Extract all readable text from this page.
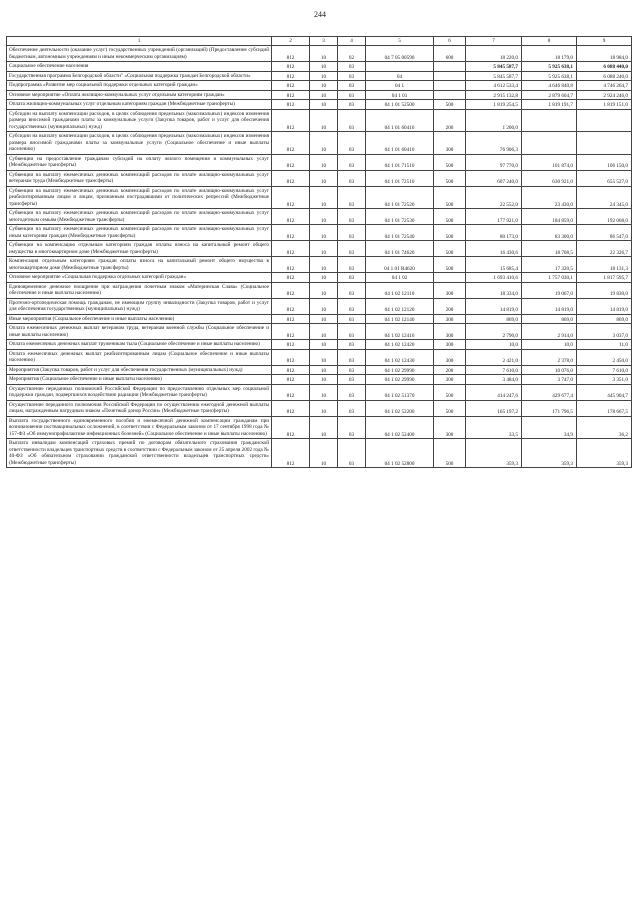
244
1	2	3	4	5	6	7	8	9
Обеспечение деятельности (оказание услуг) государственных учреждений (организаций) (Предоставление субсидий бюджетным, автономным учреждениям и иным некоммерческим организациям)	812	10	02	04 7 05 00590	600	18 220,0	18 179,0	18 984,0
Социальное обеспечение населения	812	10	03			5 845 587,7	5 925 638,1	6 088 440,0
Государственная программа Белгородской области" «Социальная поддержка граждан Белгородской области»	812	10	03	04		5 845 587,7	5 925 638,1	6 088 240,0
Подпрограмма «Развитие мер социальной поддержки отдельных категорий граждан»	812	10	03	04 1		4 612 533,4	4 646 840,8	4 746 264,7
Основное мероприятие «Оплата жилищно-коммунальных услуг отдельным категориям граждан»	812	10	03	04 1 01		2 915 132,8	2 879 604,7	2 924 246,0
Оплата жилищно-коммунальных услуг отдельным категориям граждан (Межбюджетные трансферты)	812	10	03	04 1 01 52500	500	1 819 254,5	1 819 191,7	1 819 151,0
Субсидии на выплату компенсации расходов, в целях соблюдения предельных (максимальных) индексов изменения размера вносимой гражданами платы за коммунальные услуги (Закупка товаров, работ и услуг для обеспечения государственных (муниципальных) нужд)	812	10	03	04 1 01 60410	200	1 200,0		
Субсидии на выплату компенсации расходов, в целях соблюдения предельных (максимальных) индексов изменения размера вносимой гражданами платы за коммунальные услуги (Социальное обеспечение и иные выплаты населению)	812	10	03	04 1 01 60410	300	76 906,3		
Субвенции на предоставление гражданам субсидий на оплату жилого помещения и коммунальных услуг (Межбюджетные трансферты)	812	10	03	04 1 01 71510	500	97 770,0	101 874,0	106 150,0
Субвенции на выплату ежемесячных денежных компенсаций расходов по оплате жилищно-коммунальных услуг ветеранам труда (Межбюджетные трансферты)	812	10	03	04 1 01 72510	500	607 240,0	630 921,0	655 527,0
Субвенции на выплату ежемесячных денежных компенсаций расходов по оплате жилищно-коммунальных услуг реабилитированным лицам и лицам, признанным пострадавшими от политических репрессий (Межбюджетные трансферты)	812	10	03	04 1 01 72520	500	22 552,0	23 430,0	24 345,0
Субвенции на выплату ежемесячных денежных компенсаций расходов по оплате жилищно-коммунальных услуг многодетным семьям (Межбюджетные трансферты)	812	10	03	04 1 01 72530	500	177 921,0	184 859,0	192 068,0
Субвенции на выплату ежемесячных денежных компенсаций расходов по оплате жилищно-коммунальных услуг иным категориям граждан (Межбюджетные трансферты)	812	10	03	04 1 01 72540	500	80 173,0	83 300,0	86 547,0
Субвенции на компенсацию отдельным категориям граждан оплаты взноса на капитальный ремонт общего имущества в многоквартирном доме (Межбюджетные трансферты)	812	10	03	04 1 01 74620	500	16 430,6	18 708,5	22 326,7
Компенсация отдельным категориям граждан оплаты взноса на капитальный ремонт общего имущества в многоквартирном доме (Межбюджетные трансферты)	812	10	03	04 1 01 R4620	500	15 685,4	17 320,5	18 131,3
Основное мероприятие «Социальная поддержка отдельных категорий граждан»	812	10	03	04 1 02		1 693 410,6	1 757 030,1	1 817 595,7
Единовременное денежное поощрение при награждении почетным знаком «Материнская Слава» (Социальное обеспечение и иные выплаты населению)	812	10	03	04 1 02 12110	300	18 334,0	19 067,0	19 830,0
Протезно-ортопедическая помощь гражданам, не имеющим группу инвалидности (Закупка товаров, работ и услуг для обеспечения государственных (муниципальных) нужд)	812	10	03	04 1 02 12120	200	14 819,0	14 819,0	14 819,0
Иные мероприятия (Социальное обеспечение и иные выплаты населению)	812	10	03	04 1 02 12140	300	869,0	869,0	869,0
Оплата ежемесячных денежных выплат ветеранам труда, ветеранам военной службы (Социальное обеспечение и иные выплаты населению)	812	10	03	04 1 02 12410	300	2 790,0	2 914,0	3 037,0
Оплата ежемесячных денежных выплат труженикам тыла (Социальное обеспечение и иные выплаты населению)	812	10	03	04 1 02 12420	300	10,0	10,0	11,0
Оплата ежемесячных денежных выплат реабилитированным лицам (Социальное обеспечение и иные выплаты населению)	812	10	03	04 1 02 12430	300	2 421,0	2 378,0	2 450,0
Мероприятия (Закупка товаров, работ и услуг для обеспечения государственных (муниципальных) нужд)	812	10	03	04 1 02 29990	200	7 610,0	10 076,0	7 610,0
Мероприятия (Социальное обеспечение и иные выплаты населению)	812	10	03	04 1 02 29990	300	3 484,0	3 747,0	3 351,0
Осуществление переданных полномочий Российской Федерации по предоставлению отдельных мер социальной поддержки граждан, подвергшихся воздействию радиации (Межбюджетные трансферты)	812	10	03	04 1 02 51370	500	414 247,6	429 677,4	445 904,7
Осуществление переданного полномочия Российской Федерации по осуществлению ежегодной денежной выплаты лицам, награжденным нагрудным знаком «Почетный донор России» (Межбюджетные трансферты)	812	10	03	04 1 02 52200	500	165 197,2	171 796,5	178 667,5
Выплата государственного единовременного пособия и ежемесячной денежной компенсации гражданам при возникновении поствакцинальных осложнений, в соответствии с Федеральным законом от 17 сентября 1998 года № 157-ФЗ «Об иммунопрофилактике инфекционных болезней» (Социальное обеспечение и иные выплаты населению)	812	10	03	04 1 02 52400	300	33,5	34,9	36,2
Выплата инвалидам компенсаций страховых премий по договорам обязательного страхования гражданской ответственности владельцев транспортных средств в соответствии с Федеральным законом от 25 апреля 2002 года № 40-ФЗ «Об обязательном страховании гражданской ответственности владельцев транспортных средств» (Межбюджетные трансферты)	812	10	03	04 1 02 52800	500	359,3	359,3	359,3
